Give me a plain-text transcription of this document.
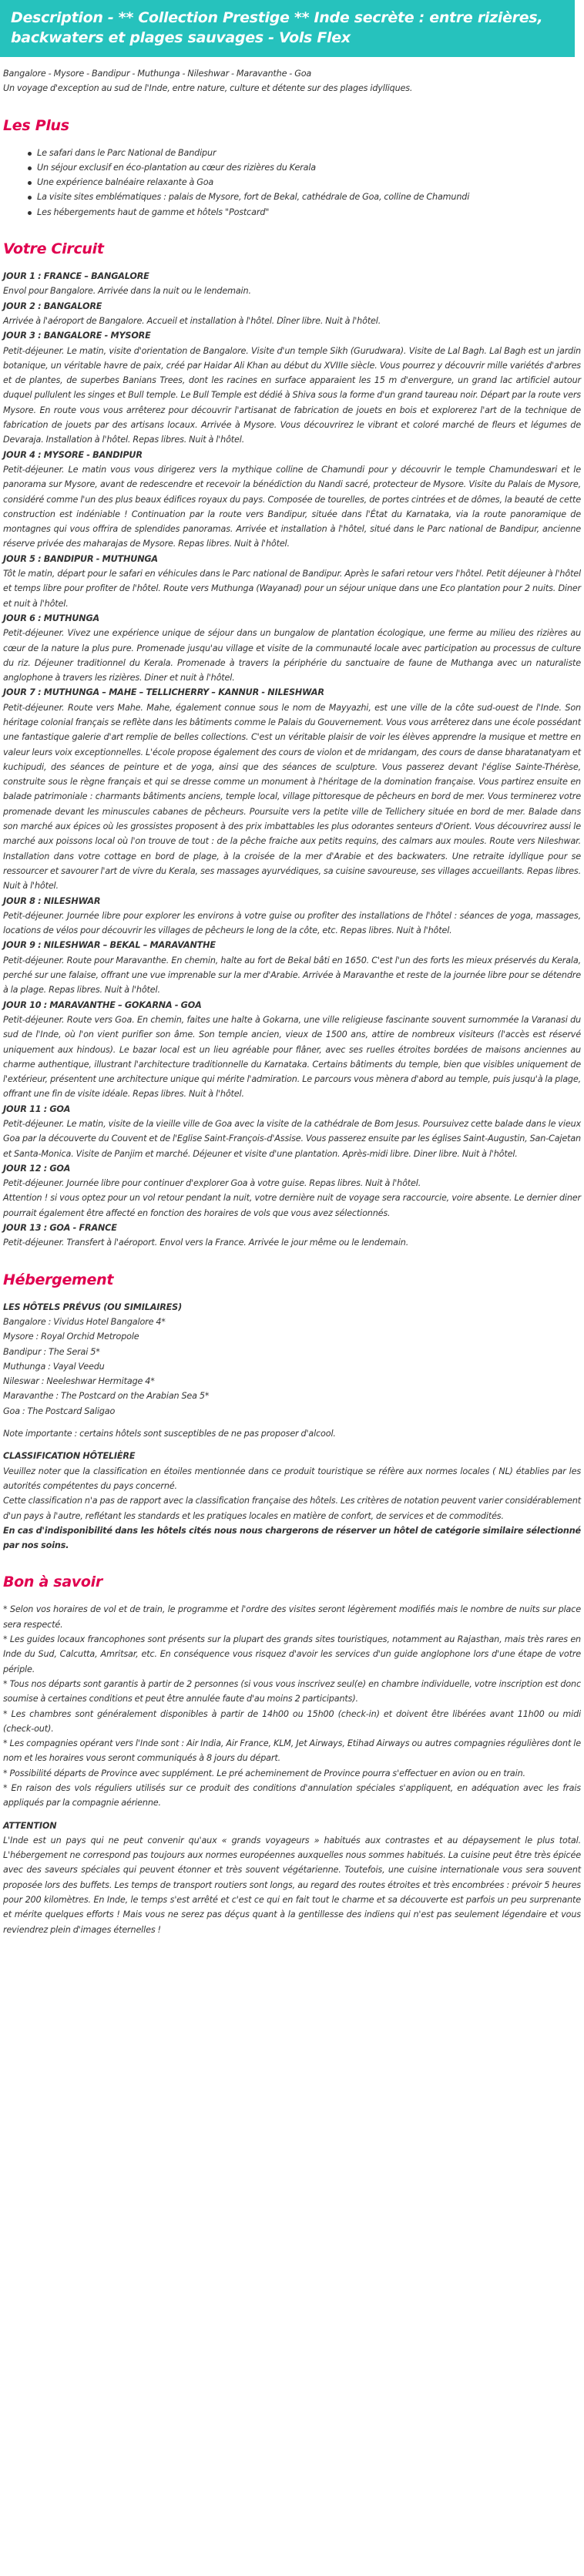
Description - ** Collection Prestige ** Inde secrète : entre rizières, backwaters et plages sauvages - Vols Flex
Bangalore - Mysore - Bandipur - Muthunga - Nileshwar - Maravanthe - Goa
Un voyage d'exception au sud de l'Inde, entre nature, culture et détente sur des plages idylliques.
Les Plus
Le safari dans le Parc National de Bandipur
Un séjour exclusif en éco-plantation au cœur des rizières du Kerala
Une expérience balnéaire relaxante à Goa
La visite sites emblématiques : palais de Mysore, fort de Bekal, cathédrale de Goa, colline de Chamundi
Les hébergements haut de gamme et hôtels "Postcard"
Votre Circuit
JOUR 1 : FRANCE – BANGALORE
Envol pour Bangalore. Arrivée dans la nuit ou le lendemain.
JOUR 2 : BANGALORE
Arrivée à l'aéroport de Bangalore. Accueil et installation à l'hôtel. Dîner libre. Nuit à l'hôtel.
JOUR 3 : BANGALORE - MYSORE
Petit-déjeuner. Le matin, visite d'orientation de Bangalore. Visite d'un temple Sikh (Gurudwara). Visite de Lal Bagh. Lal Bagh est un jardin botanique, un véritable havre de paix, créé par Haidar Ali Khan au début du XVIIIe siècle. Vous pourrez y découvrir mille variétés d'arbres et de plantes, de superbes Banians Trees, dont les racines en surface apparaient les 15 m d'envergure, un grand lac artificiel autour duquel pullulent les singes et Bull temple. Le Bull Temple est dédié à Shiva sous la forme d'un grand taureau noir. Départ par la route vers Mysore. En route vous vous arrêterez pour découvrir l'artisanat de fabrication de jouets en bois et explorerez l'art de la technique de fabrication de jouets par des artisans locaux. Arrivée à Mysore. Vous découvrirez le vibrant et coloré marché de fleurs et légumes de Devaraja. Installation à l'hôtel. Repas libres. Nuit à l'hôtel.
JOUR 4 : MYSORE - BANDIPUR
Petit-déjeuner. Le matin vous vous dirigerez vers la mythique colline de Chamundi pour y découvrir le temple Chamundeswari et le panorama sur Mysore, avant de redescendre et recevoir la bénédiction du Nandi sacré, protecteur de Mysore. Visite du Palais de Mysore, considéré comme l'un des plus beaux édifices royaux du pays. Composée de tourelles, de portes cintrées et de dômes, la beauté de cette construction est indéniable ! Continuation par la route vers Bandipur, située dans l'État du Karnataka, via la route panoramique de montagnes qui vous offrira de splendides panoramas. Arrivée et installation à l'hôtel, situé dans le Parc national de Bandipur, ancienne réserve privée des maharajas de Mysore. Repas libres. Nuit à l'hôtel.
JOUR 5 : BANDIPUR - MUTHUNGA
Tôt le matin, départ pour le safari en véhicules dans le Parc national de Bandipur. Après le safari retour vers l'hôtel. Petit déjeuner à l'hôtel et temps libre pour profiter de l'hôtel. Route vers Muthunga (Wayanad) pour un séjour unique dans une Eco plantation pour 2 nuits. Diner et nuit à l'hôtel.
JOUR 6 : MUTHUNGA
Petit-déjeuner. Vivez une expérience unique de séjour dans un bungalow de plantation écologique, une ferme au milieu des rizières au cœur de la nature la plus pure. Promenade jusqu'au village et visite de la communauté locale avec participation au processus de culture du riz. Déjeuner traditionnel du Kerala. Promenade à travers la périphérie du sanctuaire de faune de Muthanga avec un naturaliste anglophone à travers les rizières. Diner et nuit à l'hôtel.
JOUR 7 : MUTHUNGA – MAHE – TELLICHERRY – KANNUR - NILESHWAR
Petit-déjeuner. Route vers Mahe. Mahe, également connue sous le nom de Mayyazhi, est une ville de la côte sud-ouest de l'Inde. Son héritage colonial français se reflète dans les bâtiments comme le Palais du Gouvernement. Vous vous arrêterez dans une école possédant une fantastique galerie d'art remplie de belles collections. C'est un véritable plaisir de voir les élèves apprendre la musique et mettre en valeur leurs voix exceptionnelles. L'école propose également des cours de violon et de mridangam, des cours de danse bharatanatyam et kuchipudi, des séances de peinture et de yoga, ainsi que des séances de sculpture. Vous passerez devant l'église Sainte-Thérèse, construite sous le règne français et qui se dresse comme un monument à l'héritage de la domination française. Vous partirez ensuite en balade patrimoniale : charmants bâtiments anciens, temple local, village pittoresque de pêcheurs en bord de mer. Vous terminerez votre promenade devant les minuscules cabanes de pêcheurs. Poursuite vers la petite ville de Tellichery située en bord de mer. Balade dans son marché aux épices où les grossistes proposent à des prix imbattables les plus odorantes senteurs d'Orient. Vous découvrirez aussi le marché aux poissons local où l'on trouve de tout : de la pêche fraiche aux petits requins, des calmars aux moules. Route vers Nileshwar. Installation dans votre cottage en bord de plage, à la croisée de la mer d'Arabie et des backwaters. Une retraite idyllique pour se ressourcer et savourer l'art de vivre du Kerala, ses massages ayurvédiques, sa cuisine savoureuse, ses villages accueillants. Repas libres. Nuit à l'hôtel.
JOUR 8 : NILESHWAR
Petit-déjeuner. Journée libre pour explorer les environs à votre guise ou profiter des installations de l'hôtel : séances de yoga, massages, locations de vélos pour découvrir les villages de pêcheurs le long de la côte, etc. Repas libres. Nuit à l'hôtel.
JOUR 9 : NILESHWAR – BEKAL – MARAVANTHE
Petit-déjeuner. Route pour Maravanthe. En chemin, halte au fort de Bekal bâti en 1650. C'est l'un des forts les mieux préservés du Kerala, perché sur une falaise, offrant une vue imprenable sur la mer d'Arabie. Arrivée à Maravanthe et reste de la journée libre pour se détendre à la plage. Repas libres. Nuit à l'hôtel.
JOUR 10 : MARAVANTHE – GOKARNA - GOA
Petit-déjeuner. Route vers Goa. En chemin, faites une halte à Gokarna, une ville religieuse fascinante souvent surnommée la Varanasi du sud de l'Inde, où l'on vient purifier son âme. Son temple ancien, vieux de 1500 ans, attire de nombreux visiteurs (l'accès est réservé uniquement aux hindous). Le bazar local est un lieu agréable pour flâner, avec ses ruelles étroites bordées de maisons anciennes au charme authentique, illustrant l'architecture traditionnelle du Karnataka. Certains bâtiments du temple, bien que visibles uniquement de l'extérieur, présentent une architecture unique qui mérite l'admiration. Le parcours vous mènera d'abord au temple, puis jusqu'à la plage, offrant une fin de visite idéale. Repas libres. Nuit à l'hôtel.
JOUR 11 : GOA
Petit-déjeuner. Le matin, visite de la vieille ville de Goa avec la visite de la cathédrale de Bom Jesus. Poursuivez cette balade dans le vieux Goa par la découverte du Couvent et de l'Eglise Saint-François-d'Assise. Vous passerez ensuite par les églises Saint-Augustin, San-Cajetan et Santa-Monica. Visite de Panjim et marché. Déjeuner et visite d'une plantation. Après-midi libre. Diner libre. Nuit à l'hôtel.
JOUR 12 : GOA
Petit-déjeuner. Journée libre pour continuer d'explorer Goa à votre guise. Repas libres. Nuit à l'hôtel.
Attention ! si vous optez pour un vol retour pendant la nuit, votre dernière nuit de voyage sera raccourcie, voire absente. Le dernier diner pourrait également être affecté en fonction des horaires de vols que vous avez sélectionnés.
JOUR 13 : GOA - FRANCE
Petit-déjeuner. Transfert à l'aéroport. Envol vers la France. Arrivée le jour même ou le lendemain.
Hébergement
LES HÔTELS PRÉVUS (OU SIMILAIRES)
Bangalore : Vividus Hotel Bangalore 4*
Mysore : Royal Orchid Metropole
Bandipur : The Serai 5*
Muthunga : Vayal Veedu
Nileswar : Neeleshwar Hermitage 4*
Maravanthe : The Postcard on the Arabian Sea 5*
Goa : The Postcard Saligao
Note importante : certains hôtels sont susceptibles de ne pas proposer d'alcool.
CLASSIFICATION HÔTELIÈRE
Veuillez noter que la classification en étoiles mentionnée dans ce produit touristique se réfère aux normes locales ( NL) établies par les autorités compétentes du pays concerné.
Cette classification n'a pas de rapport avec la classification française des hôtels. Les critères de notation peuvent varier considérablement d'un pays à l'autre, reflétant les standards et les pratiques locales en matière de confort, de services et de commodités.
En cas d'indisponibilité dans les hôtels cités nous nous chargerons de réserver un hôtel de catégorie similaire sélectionné par nos soins.
Bon à savoir

* Selon vos horaires de vol et de train, le programme et l'ordre des visites seront légèrement modifiés mais le nombre de nuits sur place sera respecté.

* Les guides locaux francophones sont présents sur la plupart des grands sites touristiques, notamment au Rajasthan, mais très rares en Inde du Sud, Calcutta, Amritsar, etc. En conséquence vous risquez d'avoir les services d'un guide anglophone lors d'une étape de votre périple.

* Tous nos départs sont garantis à partir de 2 personnes (si vous vous inscrivez seul(e) en chambre individuelle, votre inscription est donc soumise à certaines conditions et peut être annulée faute d'au moins 2 participants).

* Les chambres sont généralement disponibles à partir de 14h00 ou 15h00 (check-in) et doivent être libérées avant 11h00 ou midi (check-out).

* Les compagnies opérant vers l'Inde sont : Air India, Air France, KLM, Jet Airways, Etihad Airways ou autres compagnies régulières dont le nom et les horaires vous seront communiqués à 8 jours du départ.

* Possibilité départs de Province avec supplément. Le pré acheminement de Province pourra s'effectuer en avion ou en train.

* En raison des vols réguliers utilisés sur ce produit des conditions d'annulation spéciales s'appliquent, en adéquation avec les frais appliqués par la compagnie aérienne.

ATTENTION

L'Inde est un pays qui ne peut convenir qu'aux « grands voyageurs » habitués aux contrastes et au dépaysement le plus total. L'hébergement ne correspond pas toujours aux normes européennes auxquelles nous sommes habitués. La cuisine peut être très épicée avec des saveurs spéciales qui peuvent étonner et très souvent végétarienne. Toutefois, une cuisine internationale vous sera souvent proposée lors des buffets. Les temps de transport routiers sont longs, au regard des routes étroites et très encombrées : prévoir 5 heures pour 200 kilomètres. En Inde, le temps s'est arrêté et c'est ce qui en fait tout le charme et sa découverte est parfois un peu surprenante et mérite quelques efforts ! Mais vous ne serez pas déçus quant à la gentillesse des indiens qui n'est pas seulement légendaire et vous reviendrez plein d'images éternelles !
